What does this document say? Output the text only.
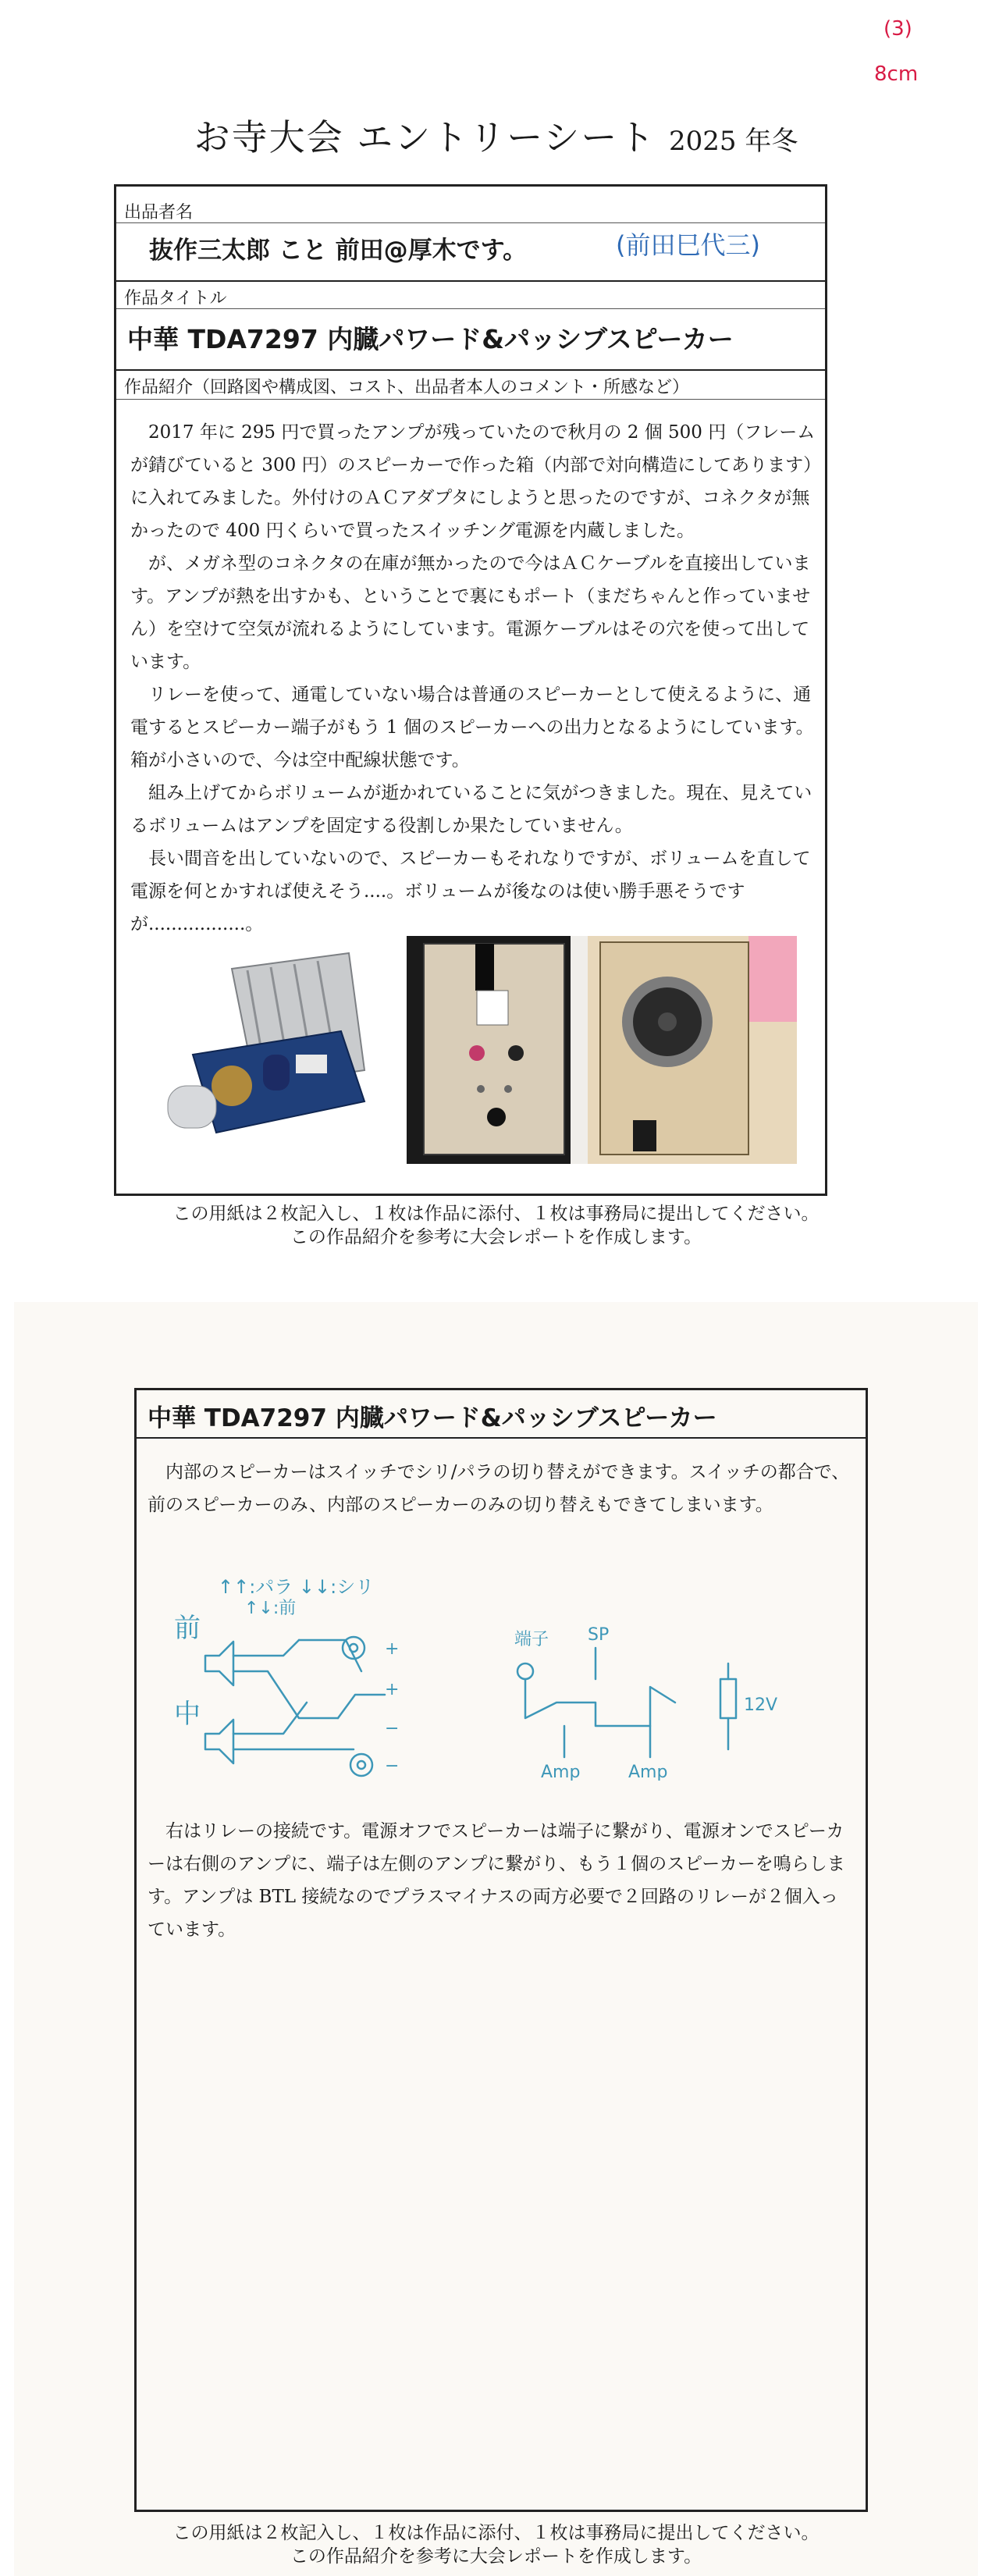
(3)
8cm
お寺大会 エントリーシート 2025 年冬
出品者名
抜作三太郎 こと 前田@厚木です。	(前田巳代三)
作品タイトル
中華 TDA7297 内臓パワード&パッシブスピーカー
作品紹介（回路図や構成図、コスト、出品者本人のコメント・所感など）

2017 年に 295 円で買ったアンプが残っていたので秋月の 2 個 500 円（フレームが錆びていると 300 円）のスピーカーで作った箱（内部で対向構造にしてあります）に入れてみました。外付けのＡＣアダプタにしようと思ったのですが、コネクタが無かったので 400 円くらいで買ったスイッチング電源を内蔵しました。

が、メガネ型のコネクタの在庫が無かったので今はＡＣケーブルを直接出しています。アンプが熱を出すかも、ということで裏にもポート（まだちゃんと作っていません）を空けて空気が流れるようにしています。電源ケーブルはその穴を使って出しています。

リレーを使って、通電していない場合は普通のスピーカーとして使えるように、通電するとスピーカー端子がもう 1 個のスピーカーへの出力となるようにしています。箱が小さいので、今は空中配線状態です。

組み上げてからボリュームが逝かれていることに気がつきました。現在、見えているボリュームはアンプを固定する役割しか果たしていません。

長い間音を出していないので、スピーカーもそれなりですが、ボリュームを直して電源を何とかすれば使えそう....。ボリュームが後なのは使い勝手悪そうですが.................。

この用紙は２枚記入し、１枚は作品に添付、１枚は事務局に提出してください。
この作品紹介を参考に大会レポートを作成します。
中華 TDA7297 内臓パワード&パッシブスピーカー

内部のスピーカーはスイッチでシリ/パラの切り替えができます。スイッチの都合で、前のスピーカーのみ、内部のスピーカーのみの切り替えもできてしまいます。

↑↑:パラ ↓↓:シリ
↑↓:前
前
中
+
+
−
−
端子 SP
12V
Amp	Amp

右はリレーの接続です。電源オフでスピーカーは端子に繋がり、電源オンでスピーカーは右側のアンプに、端子は左側のアンプに繋がり、もう１個のスピーカーを鳴らします。アンプは BTL 接続なのでプラスマイナスの両方必要で２回路のリレーが２個入っています。

この用紙は２枚記入し、１枚は作品に添付、１枚は事務局に提出してください。
この作品紹介を参考に大会レポートを作成します。
